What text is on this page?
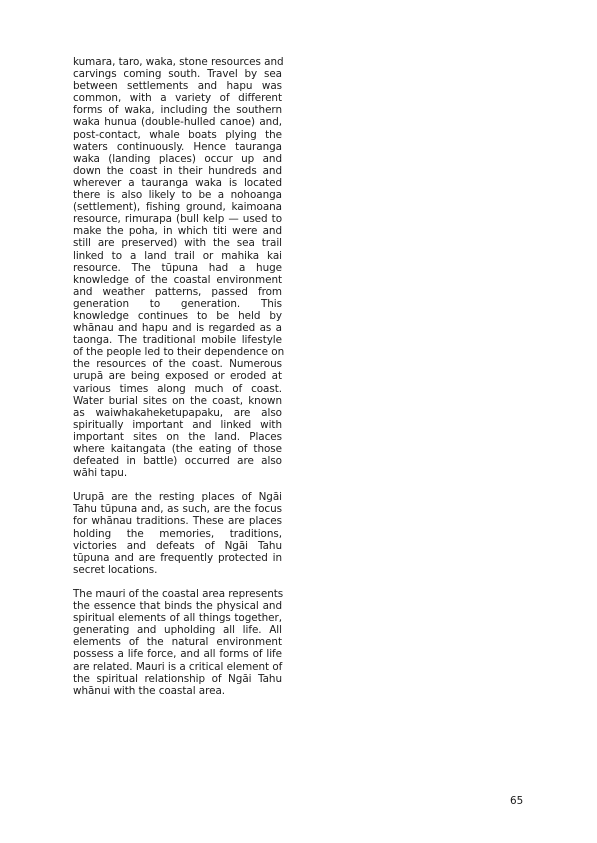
kumara, taro, waka, stone resources and
carvings coming south. Travel by sea
between settlements and hapu was
common, with a variety of different
forms of waka, including the southern
waka hunua (double-hulled canoe) and,
post-contact, whale boats plying the
waters continuously. Hence tauranga
waka (landing places) occur up and
down the coast in their hundreds and
wherever a tauranga waka is located
there is also likely to be a nohoanga
(settlement), fishing ground, kaimoana
resource, rimurapa (bull kelp — used to
make the poha, in which titi were and
still are preserved) with the sea trail
linked to a land trail or mahika kai
resource. The tūpuna had a huge
knowledge of the coastal environment
and weather patterns, passed from
generation to generation. This
knowledge continues to be held by
whānau and hapu and is regarded as a
taonga. The traditional mobile lifestyle
of the people led to their dependence on
the resources of the coast. Numerous
urupā are being exposed or eroded at
various times along much of coast.
Water burial sites on the coast, known
as waiwhakaheketupapaku, are also
spiritually important and linked with
important sites on the land. Places
where kaitangata (the eating of those
defeated in battle) occurred are also
wāhi tapu.

Urupā are the resting places of Ngāi
Tahu tūpuna and, as such, are the focus
for whānau traditions. These are places
holding the memories, traditions,
victories and defeats of Ngāi Tahu
tūpuna and are frequently protected in
secret locations.

The mauri of the coastal area represents
the essence that binds the physical and
spiritual elements of all things together,
generating and upholding all life. All
elements of the natural environment
possess a life force, and all forms of life
are related. Mauri is a critical element of
the spiritual relationship of Ngāi Tahu
whānui with the coastal area.

65
